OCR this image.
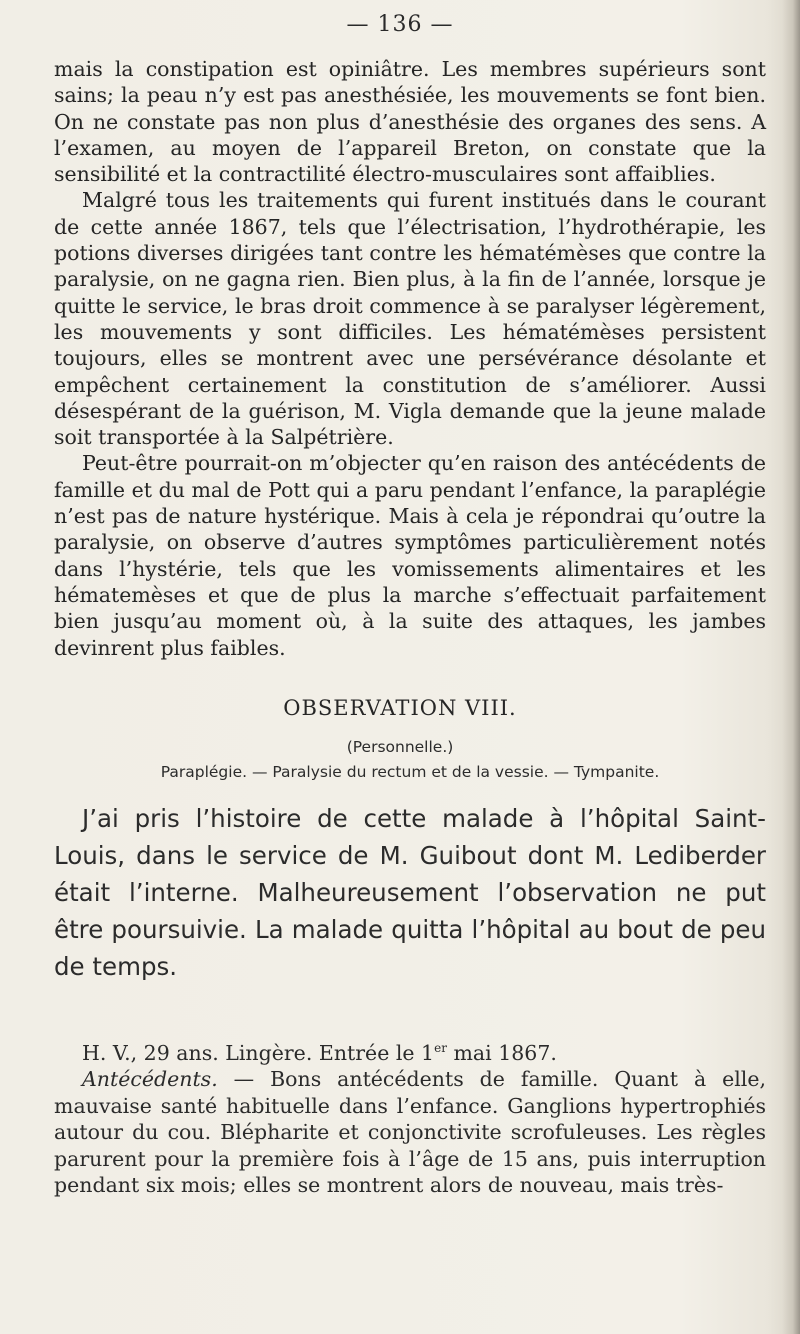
— 136 —

mais la constipation est opiniâtre. Les membres supérieurs sont sains; la peau n’y est pas anesthésiée, les mouvements se font bien. On ne constate pas non plus d’anesthésie des organes des sens. A l’examen, au moyen de l’appareil Breton, on constate que la sensibilité et la contractilité électro-musculaires sont affaiblies.

Malgré tous les traitements qui furent institués dans le courant de cette année 1867, tels que l’électrisation, l’hydrothérapie, les potions diverses dirigées tant contre les hématémèses que contre la paralysie, on ne gagna rien. Bien plus, à la fin de l’année, lorsque je quitte le service, le bras droit commence à se paralyser légèrement, les mouvements y sont difficiles. Les hématémèses persistent toujours, elles se montrent avec une persévérance désolante et empêchent certainement la constitution de s’améliorer. Aussi désespérant de la guérison, M. Vigla demande que la jeune malade soit transportée à la Salpétrière.

Peut-être pourrait-on m’objecter qu’en raison des antécédents de famille et du mal de Pott qui a paru pendant l’enfance, la paraplégie n’est pas de nature hystérique. Mais à cela je répondrai qu’outre la paralysie, on observe d’autres symptômes particulièrement notés dans l’hystérie, tels que les vomissements alimentaires et les hématemèses et que de plus la marche s’effectuait parfaitement bien jusqu’au moment où, à la suite des attaques, les jambes devinrent plus faibles.

OBSERVATION VIII.
(Personnelle.)
Paraplégie. — Paralysie du rectum et de la vessie. — Tympanite.

J’ai pris l’histoire de cette malade à l’hôpital Saint-Louis, dans le service de M. Guibout dont M. Lediberder était l’interne. Malheureusement l’observation ne put être poursuivie. La malade quitta l’hôpital au bout de peu de temps.

H. V., 29 ans. Lingère. Entrée le 1er mai 1867.

Antécédents. — Bons antécédents de famille. Quant à elle, mauvaise santé habituelle dans l’enfance. Ganglions hypertrophiés autour du cou. Blépharite et conjonctivite scrofuleuses. Les règles parurent pour la première fois à l’âge de 15 ans, puis interruption pendant six mois; elles se montrent alors de nouveau, mais très-
